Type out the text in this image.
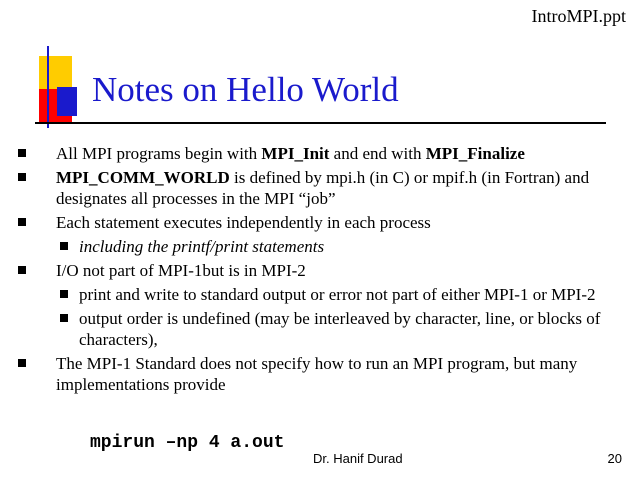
IntroMPI.ppt
Notes on Hello World
All MPI programs begin with MPI_Init and end with MPI_Finalize
MPI_COMM_WORLD is defined by mpi.h (in C) or mpif.h (in Fortran) and designates all processes in the MPI “job”
Each statement executes independently in each process
including the printf/print statements
I/O not part of MPI-1but is in MPI-2
print and write to standard output or error not part of either MPI-1 or MPI-2
output order is undefined (may be interleaved by character, line, or blocks of characters),
The MPI-1 Standard does not specify how to run an MPI program, but many implementations provide
mpirun –np 4 a.out
Dr. Hanif Durad	20
